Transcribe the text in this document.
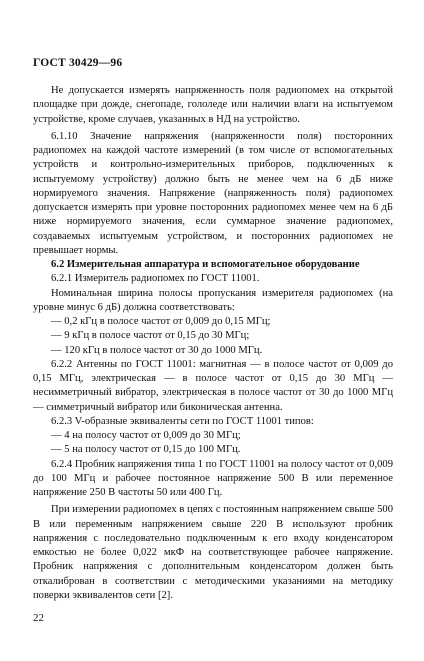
ГОСТ 30429—96

Не допускается измерять напряженность поля радиопомех на открытой площадке при дожде, снегопаде, гололеде или наличии влаги на испытуемом устройстве, кроме случаев, указанных в НД на устройство.

6.1.10 Значение напряжения (напряженности поля) посторонних радиопомех на каждой частоте измерений (в том числе от вспомогательных устройств и контрольно-измерительных приборов, подключенных к испытуемому устройству) должно быть не менее чем на 6 дБ ниже нормируемого значения. Напряжение (напряженность поля) радиопомех допускается измерять при уровне посторонних радиопомех менее чем на 6 дБ ниже нормируемого значения, если суммарное значение радиопомех, создаваемых испытуемым устройством, и посторонних радиопомех не превышает нормы.

6.2 Измерительная аппаратура и вспомогательное оборудование

6.2.1 Измеритель радиопомех по ГОСТ 11001.

Номинальная ширина полосы пропускания измерителя радиопомех (на уровне минус 6 дБ) должна соответствовать:

— 0,2 кГц в полосе частот от 0,009 до 0,15 МГц;

— 9 кГц в полосе частот от 0,15 до 30 МГц;

— 120 кГц в полосе частот от 30 до 1000 МГц.

6.2.2 Антенны по ГОСТ 11001: магнитная — в полосе частот от 0,009 до 0,15 МГц, электрическая — в полосе частот от 0,15 до 30 МГц — несимметричный вибратор, электрическая в полосе частот от 30 до 1000 МГц — симметричный вибратор или биконическая антенна.

6.2.3 V-образные эквиваленты сети по ГОСТ 11001 типов:

— 4 на полосу частот от 0,009 до 30 МГц;

— 5 на полосу частот от 0,15 до 100 МГц.

6.2.4 Пробник напряжения типа 1 по ГОСТ 11001 на полосу частот от 0,009 до 100 МГц и рабочее постоянное напряжение 500 В или переменное напряжение 250 В частоты 50 или 400 Гц.

При измерении радиопомех в цепях с постоянным напряжением свыше 500 В или переменным напряжением свыше 220 В используют пробник напряжения с последовательно подключенным к его входу конденсатором емкостью не более 0,022 мкФ на соответствующее рабочее напряжение. Пробник напряжения с дополнительным конденсатором должен быть откалиброван в соответствии с методическими указаниями на методику поверки эквивалентов сети [2].

22
